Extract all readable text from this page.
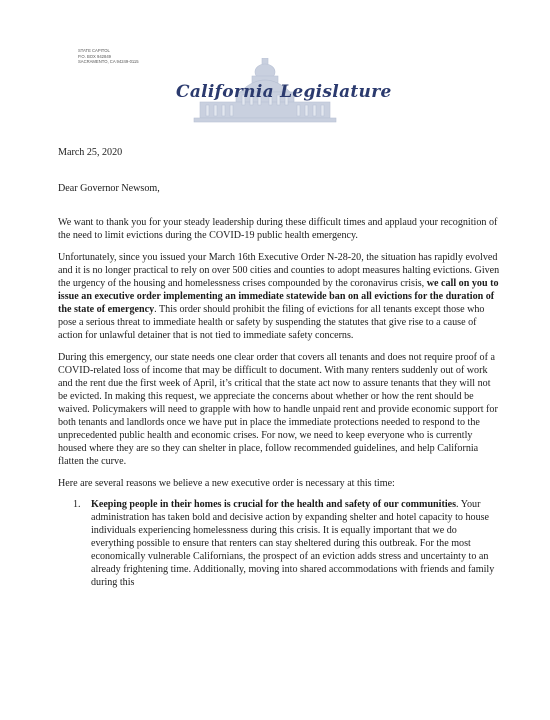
STATE CAPITOL
P.O. BOX 942849
SACRAMENTO, CA 94249-0115
California Legislature

March 25, 2020

Dear Governor Newsom,

We want to thank you for your steady leadership during these difficult times and applaud your recognition of the need to limit evictions during the COVID-19 public health emergency.

Unfortunately, since you issued your March 16th Executive Order N-28-20, the situation has rapidly evolved and it is no longer practical to rely on over 500 cities and counties to adopt measures halting evictions. Given the urgency of the housing and homelessness crises compounded by the coronavirus crisis, we call on you to issue an executive order implementing an immediate statewide ban on all evictions for the duration of the state of emergency. This order should prohibit the filing of evictions for all tenants except those who pose a serious threat to immediate health or safety by suspending the statutes that give rise to a cause of action for unlawful detainer that is not tied to immediate safety concerns.

During this emergency, our state needs one clear order that covers all tenants and does not require proof of a COVID-related loss of income that may be difficult to document. With many renters suddenly out of work and the rent due the first week of April, it’s critical that the state act now to assure tenants that they will not be evicted. In making this request, we appreciate the concerns about whether or how the rent should be waived. Policymakers will need to grapple with how to handle unpaid rent and provide economic support for both tenants and landlords once we have put in place the immediate protections needed to respond to the unprecedented public health and economic crises. For now, we need to keep everyone who is currently housed where they are so they can shelter in place, follow recommended guidelines, and help California flatten the curve.

Here are several reasons we believe a new executive order is necessary at this time:

1.	Keeping people in their homes is crucial for the health and safety of our communities. Your administration has taken bold and decisive action by expanding shelter and hotel capacity to house individuals experiencing homelessness during this crisis. It is equally important that we do everything possible to ensure that renters can stay sheltered during this outbreak. For the most economically vulnerable Californians, the prospect of an eviction adds stress and uncertainty to an already frightening time. Additionally, moving into shared accommodations with friends and family during this
